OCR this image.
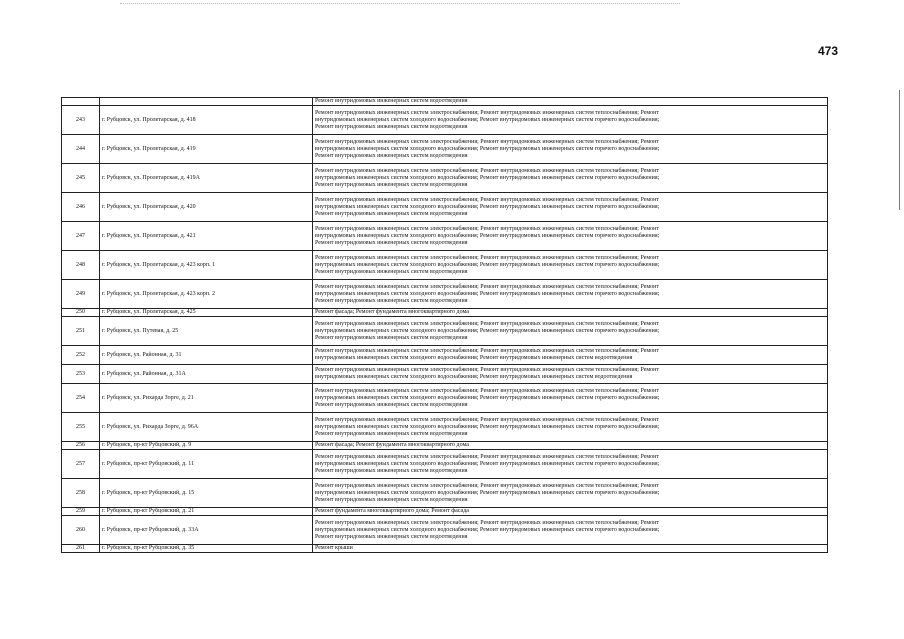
473
		Ремонт внутридомовых инженерных систем водоотведения
243	г. Рубцовск, ул. Пролетарская, д. 418	Ремонт внутридомовых инженерных систем электроснабжения; Ремонт внутридомовых инженерных систем теплоснабжения; Ремонт
внутридомовых инженерных систем холодного водоснабжения; Ремонт внутридомовых инженерных систем горячего водоснабжения;
Ремонт внутридомовых инженерных систем водоотведения
244	г. Рубцовск, ул. Пролетарская, д. 419	Ремонт внутридомовых инженерных систем электроснабжения; Ремонт внутридомовых инженерных систем теплоснабжения; Ремонт
внутридомовых инженерных систем холодного водоснабжения; Ремонт внутридомовых инженерных систем горячего водоснабжения;
Ремонт внутридомовых инженерных систем водоотведения
245	г. Рубцовск, ул. Пролетарская, д. 419А	Ремонт внутридомовых инженерных систем электроснабжения; Ремонт внутридомовых инженерных систем теплоснабжения; Ремонт
внутридомовых инженерных систем холодного водоснабжения; Ремонт внутридомовых инженерных систем горячего водоснабжения;
Ремонт внутридомовых инженерных систем водоотведения
246	г. Рубцовск, ул. Пролетарская, д. 420	Ремонт внутридомовых инженерных систем электроснабжения; Ремонт внутридомовых инженерных систем теплоснабжения; Ремонт
внутридомовых инженерных систем холодного водоснабжения; Ремонт внутридомовых инженерных систем горячего водоснабжения;
Ремонт внутридомовых инженерных систем водоотведения
247	г. Рубцовск, ул. Пролетарская, д. 421	Ремонт внутридомовых инженерных систем электроснабжения; Ремонт внутридомовых инженерных систем теплоснабжения; Ремонт
внутридомовых инженерных систем холодного водоснабжения; Ремонт внутридомовых инженерных систем горячего водоснабжения;
Ремонт внутридомовых инженерных систем водоотведения
248	г. Рубцовск, ул. Пролетарская, д. 423 корп. 1	Ремонт внутридомовых инженерных систем электроснабжения; Ремонт внутридомовых инженерных систем теплоснабжения; Ремонт
внутридомовых инженерных систем холодного водоснабжения; Ремонт внутридомовых инженерных систем горячего водоснабжения;
Ремонт внутридомовых инженерных систем водоотведения
249	г. Рубцовск, ул. Пролетарская, д. 423 корп. 2	Ремонт внутридомовых инженерных систем электроснабжения; Ремонт внутридомовых инженерных систем теплоснабжения; Ремонт
внутридомовых инженерных систем холодного водоснабжения; Ремонт внутридомовых инженерных систем горячего водоснабжения;
Ремонт внутридомовых инженерных систем водоотведения
250	г. Рубцовск, ул. Пролетарская, д. 425	Ремонт фасада; Ремонт фундамента многоквартирного дома
251	г. Рубцовск, ул. Путевая, д. 25	Ремонт внутридомовых инженерных систем электроснабжения; Ремонт внутридомовых инженерных систем теплоснабжения; Ремонт
внутридомовых инженерных систем холодного водоснабжения; Ремонт внутридомовых инженерных систем горячего водоснабжения;
Ремонт внутридомовых инженерных систем водоотведения
252	г. Рубцовск, ул. Районная, д. 31	Ремонт внутридомовых инженерных систем электроснабжения; Ремонт внутридомовых инженерных систем теплоснабжения; Ремонт
внутридомовых инженерных систем холодного водоснабжения; Ремонт внутридомовых инженерных систем водоотведения
253	г. Рубцовск, ул. Районная, д. 31А	Ремонт внутридомовых инженерных систем электроснабжения; Ремонт внутридомовых инженерных систем теплоснабжения; Ремонт
внутридомовых инженерных систем холодного водоснабжения; Ремонт внутридомовых инженерных систем водоотведения
254	г. Рубцовск, ул. Рихарда Зорге, д. 21	Ремонт внутридомовых инженерных систем электроснабжения; Ремонт внутридомовых инженерных систем теплоснабжения; Ремонт
внутридомовых инженерных систем холодного водоснабжения; Ремонт внутридомовых инженерных систем горячего водоснабжения;
Ремонт внутридомовых инженерных систем водоотведения
255	г. Рубцовск, ул. Рихарда Зорге, д. 96А	Ремонт внутридомовых инженерных систем электроснабжения; Ремонт внутридомовых инженерных систем теплоснабжения; Ремонт
внутридомовых инженерных систем холодного водоснабжения; Ремонт внутридомовых инженерных систем горячего водоснабжения;
Ремонт внутридомовых инженерных систем водоотведения
256	г. Рубцовск, пр-кт Рубцовский, д. 9	Ремонт фасада; Ремонт фундамента многоквартирного дома
257	г. Рубцовск, пр-кт Рубцовский, д. 11	Ремонт внутридомовых инженерных систем электроснабжения; Ремонт внутридомовых инженерных систем теплоснабжения; Ремонт
внутридомовых инженерных систем холодного водоснабжения; Ремонт внутридомовых инженерных систем горячего водоснабжения;
Ремонт внутридомовых инженерных систем водоотведения
258	г. Рубцовск, пр-кт Рубцовский, д. 15	Ремонт внутридомовых инженерных систем электроснабжения; Ремонт внутридомовых инженерных систем теплоснабжения; Ремонт
внутридомовых инженерных систем холодного водоснабжения; Ремонт внутридомовых инженерных систем горячего водоснабжения;
Ремонт внутридомовых инженерных систем водоотведения
259	г. Рубцовск, пр-кт Рубцовский, д. 21	Ремонт фундамента многоквартирного дома; Ремонт фасада
260	г. Рубцовск, пр-кт Рубцовский, д. 33А	Ремонт внутридомовых инженерных систем электроснабжения; Ремонт внутридомовых инженерных систем теплоснабжения; Ремонт
внутридомовых инженерных систем холодного водоснабжения; Ремонт внутридомовых инженерных систем горячего водоснабжения;
Ремонт внутридомовых инженерных систем водоотведения
261	г. Рубцовск, пр-кт Рубцовский, д. 35	Ремонт крыши
